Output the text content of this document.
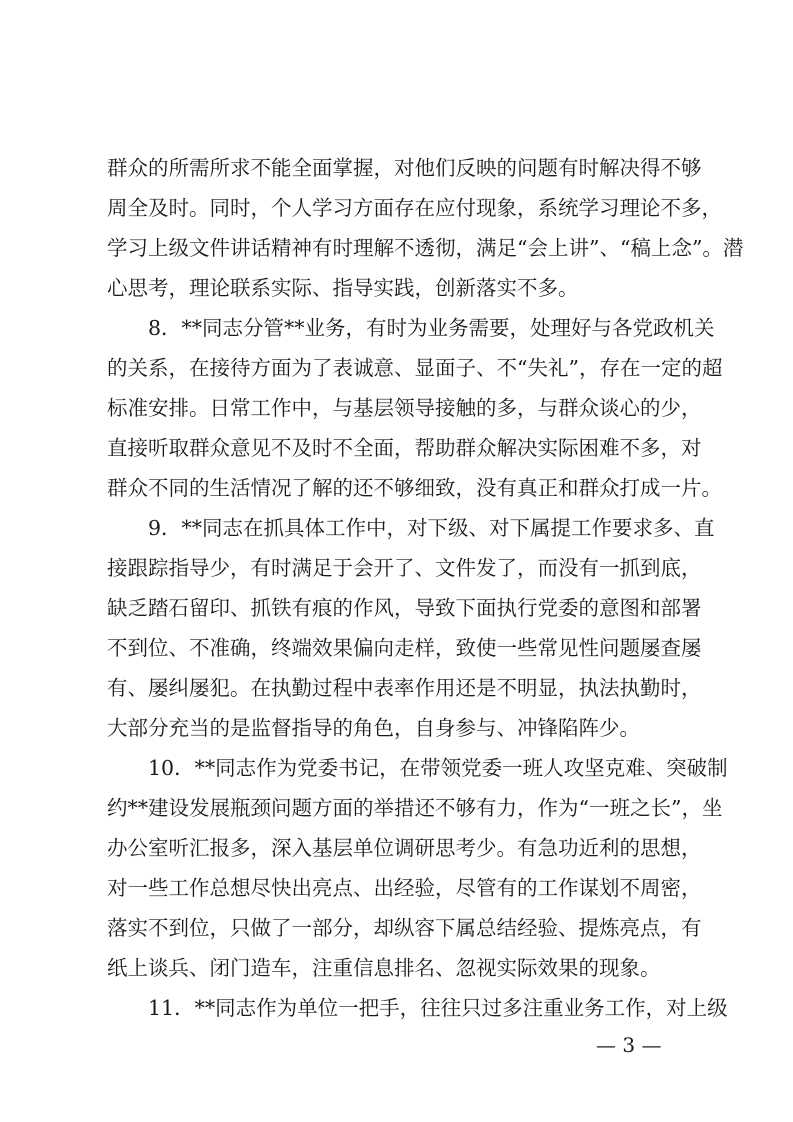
群众的所需所求不能全面掌握，对他们反映的问题有时解决得不够
周全及时。同时，个人学习方面存在应付现象，系统学习理论不多，
学习上级文件讲话精神有时理解不透彻，满足“会上讲”、“稿上念”。潜
心思考，理论联系实际、指导实践，创新落实不多。
　　8．**同志分管**业务，有时为业务需要，处理好与各党政机关
的关系，在接待方面为了表诚意、显面子、不“失礼”，存在一定的超
标准安排。日常工作中，与基层领导接触的多，与群众谈心的少，
直接听取群众意见不及时不全面，帮助群众解决实际困难不多，对
群众不同的生活情况了解的还不够细致，没有真正和群众打成一片。
　　9．**同志在抓具体工作中，对下级、对下属提工作要求多、直
接跟踪指导少，有时满足于会开了、文件发了，而没有一抓到底，
缺乏踏石留印、抓铁有痕的作风，导致下面执行党委的意图和部署
不到位、不准确，终端效果偏向走样，致使一些常见性问题屡查屡
有、屡纠屡犯。在执勤过程中表率作用还是不明显，执法执勤时，
大部分充当的是监督指导的角色，自身参与、冲锋陷阵少。
　　10．**同志作为党委书记，在带领党委一班人攻坚克难、突破制
约**建设发展瓶颈问题方面的举措还不够有力，作为“一班之长”，坐
办公室听汇报多，深入基层单位调研思考少。有急功近利的思想，
对一些工作总想尽快出亮点、出经验，尽管有的工作谋划不周密，
落实不到位，只做了一部分，却纵容下属总结经验、提炼亮点，有
纸上谈兵、闭门造车，注重信息排名、忽视实际效果的现象。
　　11．**同志作为单位一把手，往往只过多注重业务工作，对上级
— 3 —
